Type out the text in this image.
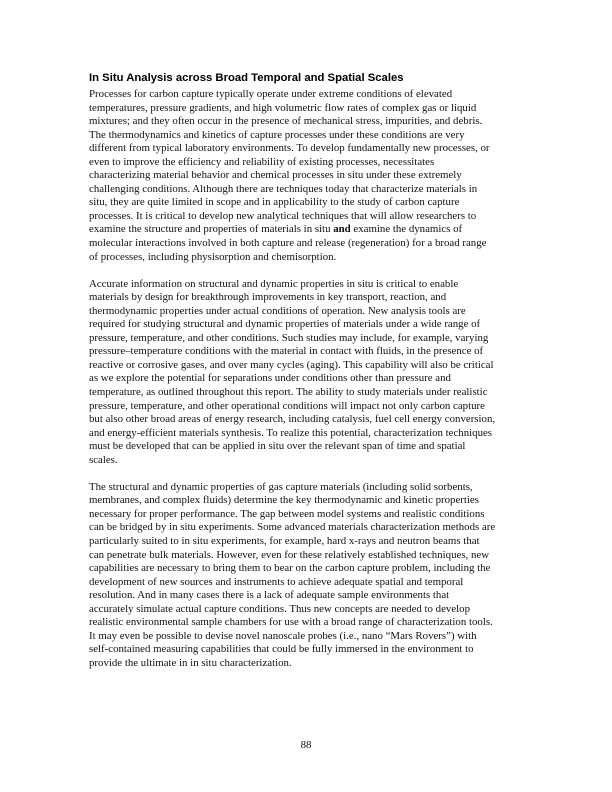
In Situ Analysis across Broad Temporal and Spatial Scales
Processes for carbon capture typically operate under extreme conditions of elevated
temperatures, pressure gradients, and high volumetric flow rates of complex gas or liquid
mixtures; and they often occur in the presence of mechanical stress, impurities, and debris.
The thermodynamics and kinetics of capture processes under these conditions are very
different from typical laboratory environments. To develop fundamentally new processes, or
even to improve the efficiency and reliability of existing processes, necessitates
characterizing material behavior and chemical processes in situ under these extremely
challenging conditions. Although there are techniques today that characterize materials in
situ, they are quite limited in scope and in applicability to the study of carbon capture
processes. It is critical to develop new analytical techniques that will allow researchers to
examine the structure and properties of materials in situ and examine the dynamics of
molecular interactions involved in both capture and release (regeneration) for a broad range
of processes, including physisorption and chemisorption.
Accurate information on structural and dynamic properties in situ is critical to enable
materials by design for breakthrough improvements in key transport, reaction, and
thermodynamic properties under actual conditions of operation. New analysis tools are
required for studying structural and dynamic properties of materials under a wide range of
pressure, temperature, and other conditions. Such studies may include, for example, varying
pressure–temperature conditions with the material in contact with fluids, in the presence of
reactive or corrosive gases, and over many cycles (aging). This capability will also be critical
as we explore the potential for separations under conditions other than pressure and
temperature, as outlined throughout this report. The ability to study materials under realistic
pressure, temperature, and other operational conditions will impact not only carbon capture
but also other broad areas of energy research, including catalysis, fuel cell energy conversion,
and energy-efficient materials synthesis. To realize this potential, characterization techniques
must be developed that can be applied in situ over the relevant span of time and spatial
scales.
The structural and dynamic properties of gas capture materials (including solid sorbents,
membranes, and complex fluids) determine the key thermodynamic and kinetic properties
necessary for proper performance. The gap between model systems and realistic conditions
can be bridged by in situ experiments. Some advanced materials characterization methods are
particularly suited to in situ experiments, for example, hard x-rays and neutron beams that
can penetrate bulk materials. However, even for these relatively established techniques, new
capabilities are necessary to bring them to bear on the carbon capture problem, including the
development of new sources and instruments to achieve adequate spatial and temporal
resolution. And in many cases there is a lack of adequate sample environments that
accurately simulate actual capture conditions. Thus new concepts are needed to develop
realistic environmental sample chambers for use with a broad range of characterization tools.
It may even be possible to devise novel nanoscale probes (i.e., nano “Mars Rovers”) with
self-contained measuring capabilities that could be fully immersed in the environment to
provide the ultimate in in situ characterization.
88
